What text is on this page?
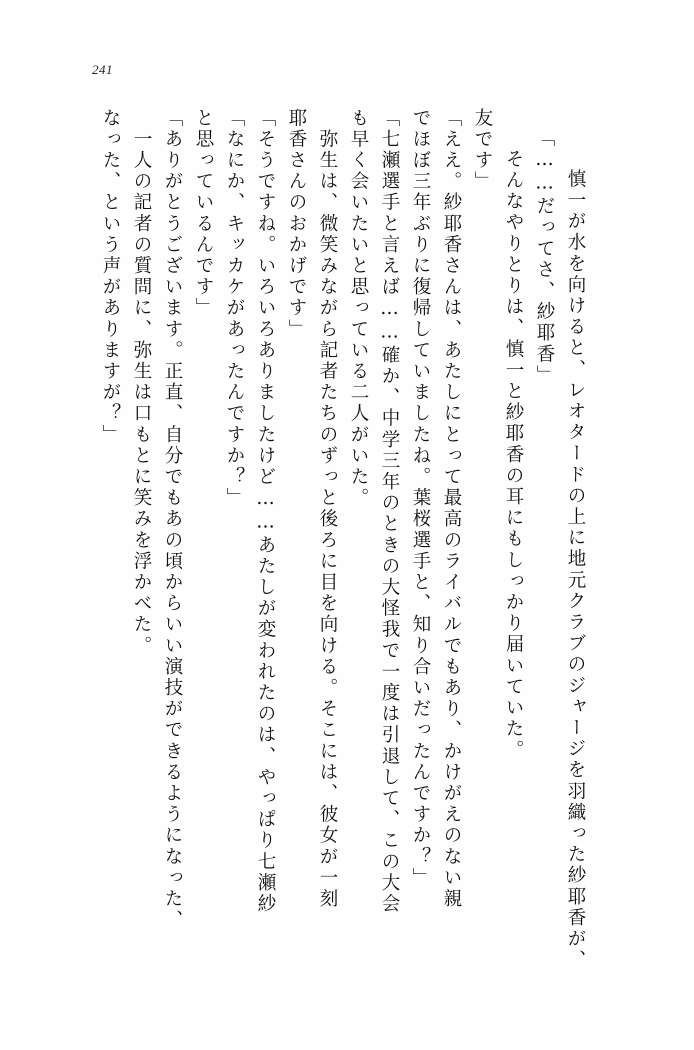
241
なった、という声がありますが？」 　一人の記者の質問に、弥生は口もとに笑みを浮かべた。 「ありがとうございます。正直、自分でもあの頃からいい演技ができるようになった、 と思っているんです」 「なにか、キッカケがあったんですか？」 「そうですね。いろいろありましたけど……あたしが変われたのは、やっぱり七瀬紗 耶香さんのおかげです」 　弥生は、微笑みながら記者たちのずっと後ろに目を向ける。そこには、彼女が一刻 も早く会いたいと思っている二人がいた。 「七瀬選手と言えば……確か、中学三年のときの大怪我で一度は引退して、この大会 でほぼ三年ぶりに復帰していましたね。葉桜選手と、知り合いだったんですか？」 「ええ。紗耶香さんは、あたしにとって最高のライバルでもあり、かけがえのない親 友です」 　そんなやりとりは、慎一と紗耶香の耳にもしっかり届いていた。 「……だってさ、紗耶香」 　慎一が水を向けると、レオタードの上に地元クラブのジャージを羽織った紗耶香が、
